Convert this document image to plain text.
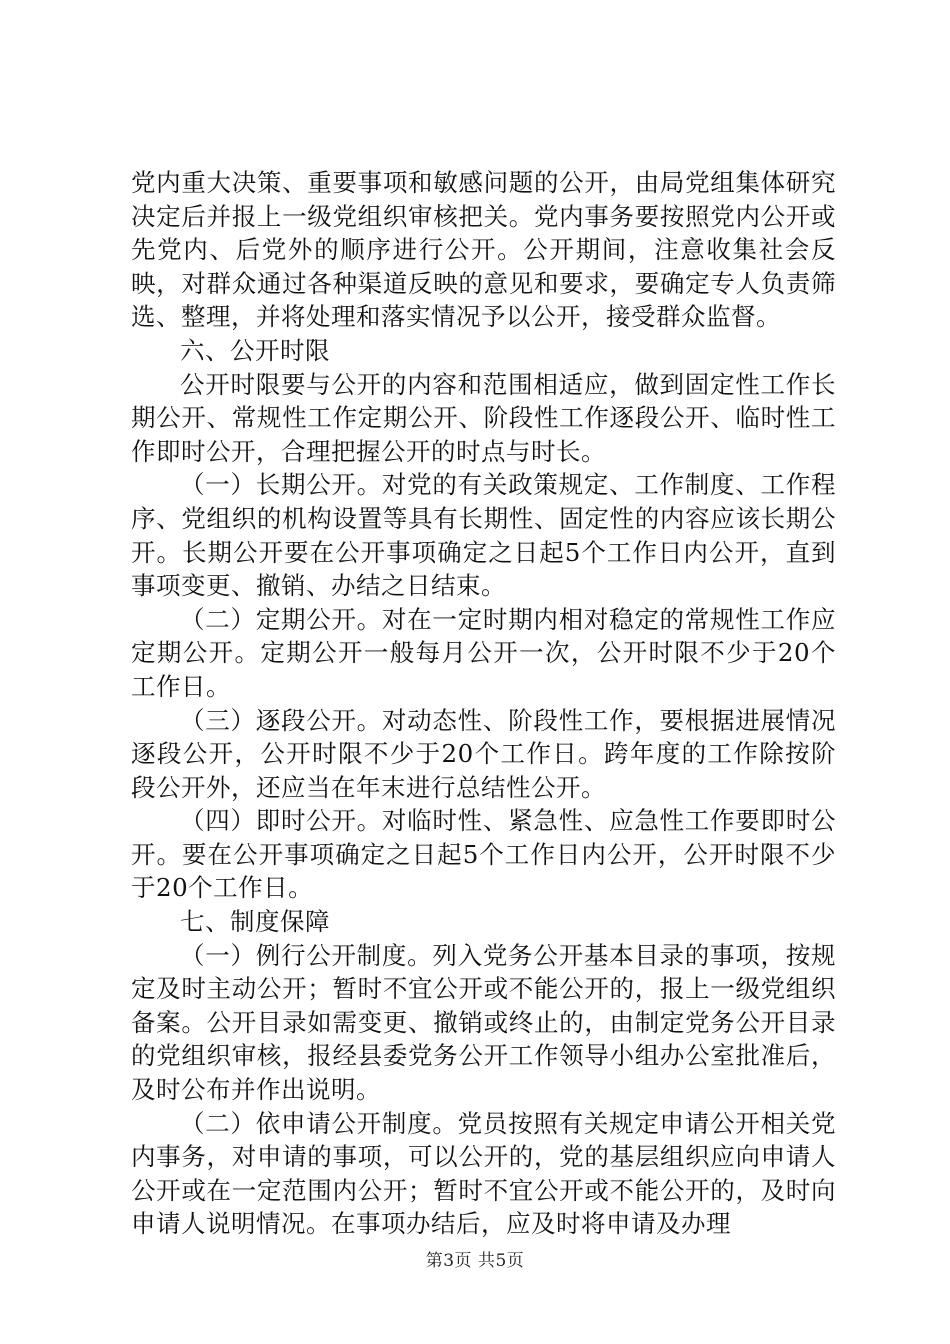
党内重大决策、重要事项和敏感问题的公开，由局党组集体研究决定后并报上一级党组织审核把关。党内事务要按照党内公开或先党内、后党外的顺序进行公开。公开期间，注意收集社会反映，对群众通过各种渠道反映的意见和要求，要确定专人负责筛选、整理，并将处理和落实情况予以公开，接受群众监督。

六、公开时限

公开时限要与公开的内容和范围相适应，做到固定性工作长期公开、常规性工作定期公开、阶段性工作逐段公开、临时性工作即时公开，合理把握公开的时点与时长。

（一）长期公开。对党的有关政策规定、工作制度、工作程序、党组织的机构设置等具有长期性、固定性的内容应该长期公开。长期公开要在公开事项确定之日起5个工作日内公开，直到事项变更、撤销、办结之日结束。

（二）定期公开。对在一定时期内相对稳定的常规性工作应定期公开。定期公开一般每月公开一次，公开时限不少于20个工作日。

（三）逐段公开。对动态性、阶段性工作，要根据进展情况逐段公开，公开时限不少于20个工作日。跨年度的工作除按阶段公开外，还应当在年末进行总结性公开。

（四）即时公开。对临时性、紧急性、应急性工作要即时公开。要在公开事项确定之日起5个工作日内公开，公开时限不少于20个工作日。

七、制度保障

（一）例行公开制度。列入党务公开基本目录的事项，按规定及时主动公开；暂时不宜公开或不能公开的，报上一级党组织备案。公开目录如需变更、撤销或终止的，由制定党务公开目录的党组织审核，报经县委党务公开工作领导小组办公室批准后，及时公布并作出说明。

（二）依申请公开制度。党员按照有关规定申请公开相关党内事务，对申请的事项，可以公开的，党的基层组织应向申请人公开或在一定范围内公开；暂时不宜公开或不能公开的，及时向申请人说明情况。在事项办结后，应及时将申请及办理

第3页 共5页
